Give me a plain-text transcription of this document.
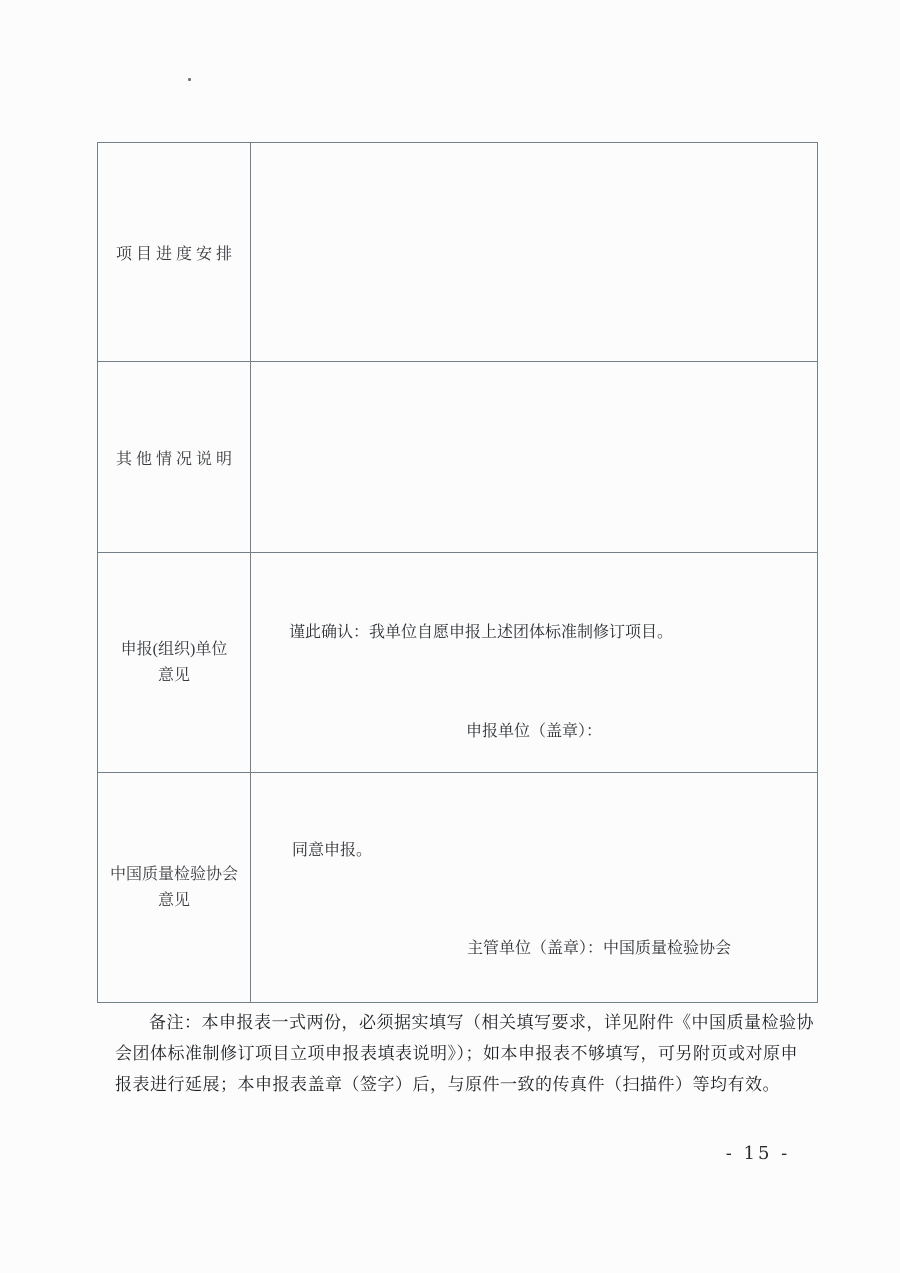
项目进度安排
其他情况说明
申报(组织)单位
意见
谨此确认：我单位自愿申报上述团体标准制修订项目。
申报单位（盖章）：
中国质量检验协会
意见
同意申报。
主管单位（盖章）：中国质量检验协会
备注：本申报表一式两份，必须据实填写（相关填写要求，详见附件《中国质量检验协
会团体标准制修订项目立项申报表填表说明》）；如本申报表不够填写，可另附页或对原申
报表进行延展；本申报表盖章（签字）后，与原件一致的传真件（扫描件）等均有效。
- 15 -
